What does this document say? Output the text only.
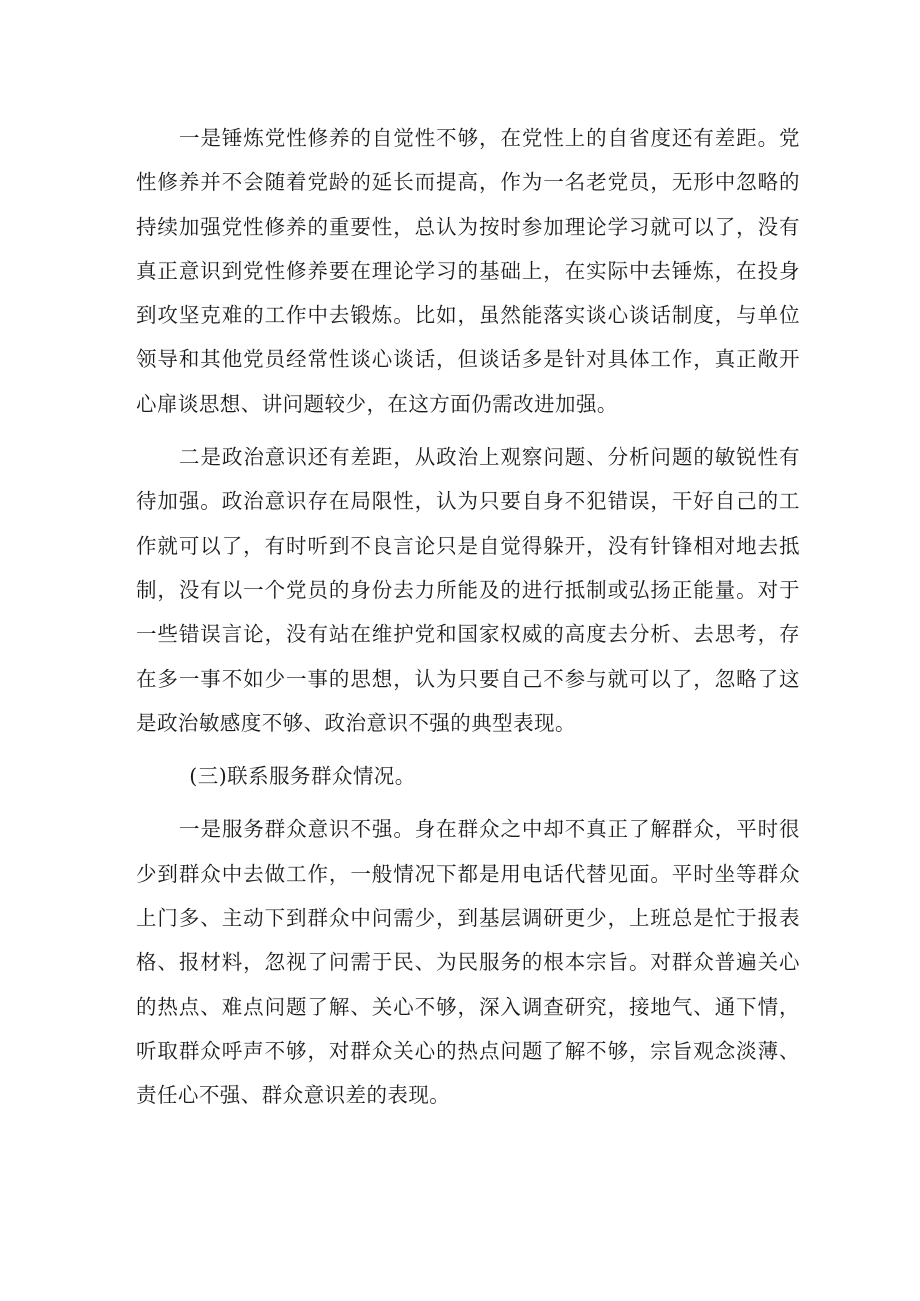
一是锤炼党性修养的自觉性不够，在党性上的自省度还有差距。党性修养并不会随着党龄的延长而提高，作为一名老党员，无形中忽略的持续加强党性修养的重要性，总认为按时参加理论学习就可以了，没有真正意识到党性修养要在理论学习的基础上，在实际中去锤炼，在投身到攻坚克难的工作中去锻炼。比如，虽然能落实谈心谈话制度，与单位领导和其他党员经常性谈心谈话，但谈话多是针对具体工作，真正敞开心扉谈思想、讲问题较少，在这方面仍需改进加强。

二是政治意识还有差距，从政治上观察问题、分析问题的敏锐性有待加强。政治意识存在局限性，认为只要自身不犯错误，干好自己的工作就可以了，有时听到不良言论只是自觉得躲开，没有针锋相对地去抵制，没有以一个党员的身份去力所能及的进行抵制或弘扬正能量。对于一些错误言论，没有站在维护党和国家权威的高度去分析、去思考，存在多一事不如少一事的思想，认为只要自己不参与就可以了，忽略了这是政治敏感度不够、政治意识不强的典型表现。

(三)联系服务群众情况。

一是服务群众意识不强。身在群众之中却不真正了解群众，平时很少到群众中去做工作，一般情况下都是用电话代替见面。平时坐等群众上门多、主动下到群众中问需少，到基层调研更少，上班总是忙于报表格、报材料，忽视了问需于民、为民服务的根本宗旨。对群众普遍关心的热点、难点问题了解、关心不够，深入调查研究，接地气、通下情，听取群众呼声不够，对群众关心的热点问题了解不够，宗旨观念淡薄、责任心不强、群众意识差的表现。
